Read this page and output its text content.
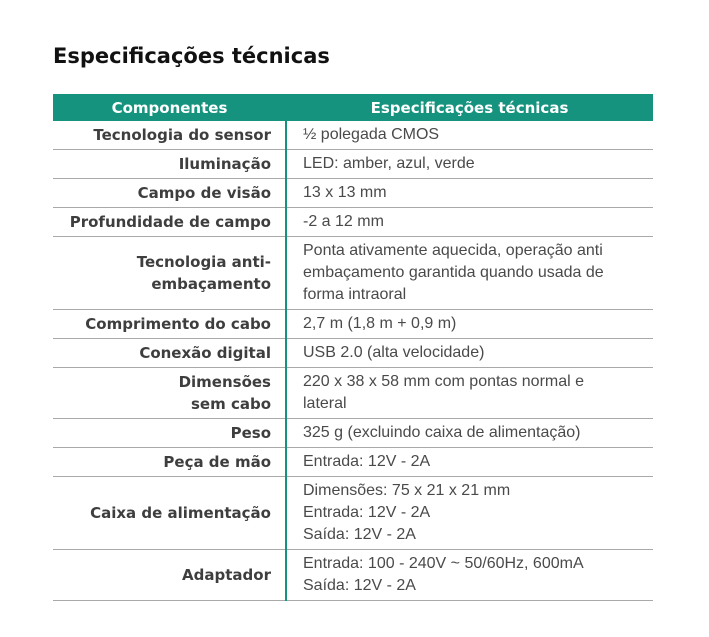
Especificações técnicas
Componentes	Especificações técnicas

Tecnologia do sensor	½ polegada CMOS

Iluminação	LED: amber, azul, verde

Campo de visão	13 x 13 mm

Profundidade de campo	-2 a 12 mm

Tecnologia anti-
embaçamento	Ponta ativamente aquecida, operação anti
embaçamento garantida quando usada de
forma intraoral

Comprimento do cabo	2,7 m (1,8 m + 0,9 m)

Conexão digital	USB 2.0 (alta velocidade)

Dimensões
sem cabo	220 x 38 x 58 mm com pontas normal e
lateral

Peso	325 g (excluindo caixa de alimentação)

Peça de mão	Entrada: 12V - 2A

Caixa de alimentação	Dimensões: 75 x 21 x 21 mm
Entrada: 12V - 2A
Saída: 12V - 2A

Adaptador	Entrada: 100 - 240V ~ 50/60Hz, 600mA
Saída: 12V - 2A
